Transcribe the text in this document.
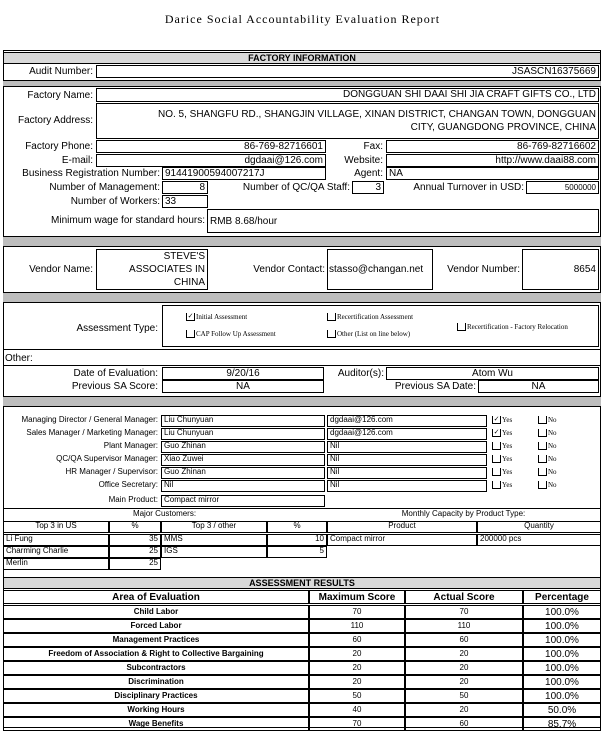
Darice Social Accountability Evaluation Report
FACTORY INFORMATION
Audit Number:	JSASCN16375669
Factory Name:	DONGGUAN SHI DAAI SHI JIA CRAFT GIFTS CO., LTD
Factory Address:
NO. 5, SHANGFU RD., SHANGJIN VILLAGE, XINAN DISTRICT, CHANGAN TOWN, DONGGUAN
CITY, GUANGDONG PROVINCE, CHINA
Factory Phone:	86-769-82716601	Fax:	86-769-82716602
E-mail:	dgdaai@126.com	Website:	http://www.daai88.com
Business Registration Number: 91441900594007217J	Agent: NA
Number of Management:	8	Number of QC/QA Staff:	3	Annual Turnover in USD:	5000000
Number of Workers: 33
Minimum wage for standard hours: RMB 8.68/hour
Vendor Name:
STEVE'S
ASSOCIATES IN
CHINA
Vendor Contact: stasso@changan.net	Vendor Number:	8654
Assessment Type:
✓ Initial Assessment	Recertification Assessment
Recertification - Factory Relocation
CAP Follow Up Assessment	Other (List on line below)
Other:
Date of Evaluation:	9/20/16	Auditor(s):	Atom Wu
Previous SA Score:	NA	Previous SA Date:	NA
Managing Director / General Manager: Liu Chunyuan	dgdaai@126.com	✓ Yes	No
Sales Manager / Marketing Manager: Liu Chunyuan	dgdaai@126.com	✓ Yes	No
Plant Manager: Guo Zhinan	Nil	Yes	No
QC/QA Supervisor Manager: Xiao Zuwei	Nil	Yes	No
HR Manager / Supervisor: Guo Zhinan	Nil	Yes	No
Office Secretary: Nil	Nil	Yes	No
Main Product: Compact mirror
Major Customers:	Monthly Capacity by Product Type:
Top 3 in US	%	Top 3 / other	%	Product	Quantity
Li Fung	35 MMS	10 Compact mirror	200000 pcs
Charming Charlie	25 IGS	5
Merlin	25
ASSESSMENT RESULTS
Area of Evaluation	Maximum Score	Actual Score	Percentage
Child Labor	70	70	100.0%
Forced Labor	110	110	100.0%
Management Practices	60	60	100.0%
Freedom of Association & Right to Collective Bargaining	20	20	100.0%
Subcontractors	20	20	100.0%
Discrimination	20	20	100.0%
Disciplinary Practices	50	50	100.0%
Working Hours	40	20	50.0%
Wage Benefits	70	60	85.7%
